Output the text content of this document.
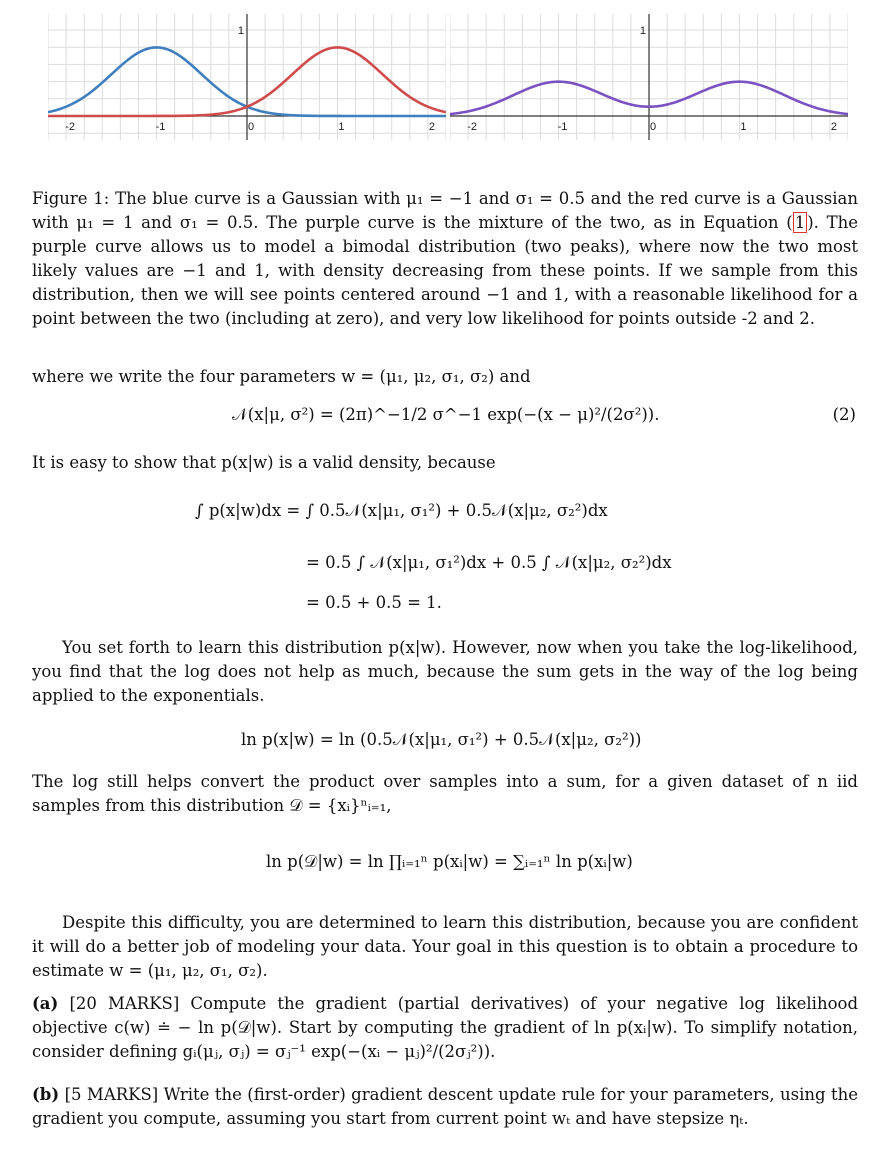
-2	-1	0	1	2
1
-2	-1	0	1	2
1
Figure 1: The blue curve is a Gaussian with μ₁ = −1 and σ₁ = 0.5 and the red curve is a Gaussian with μ₁ = 1 and σ₁ = 0.5. The purple curve is the mixture of the two, as in Equation ( 1 ). The purple curve allows us to model a bimodal distribution (two peaks), where now the two most likely values are −1 and 1, with density decreasing from these points. If we sample from this distribution, then we will see points centered around −1 and 1, with a reasonable likelihood for a point between the two (including at zero), and very low likelihood for points outside -2 and 2.
where we write the four parameters w = (μ₁, μ₂, σ₁, σ₂) and
𝒩(x|μ, σ²) = (2π)^−1/2 σ^−1 exp(−(x − μ)²/(2σ²)).	(2)
It is easy to show that p(x|w) is a valid density, because
∫ p(x|w)dx = ∫ 0.5𝒩(x|μ₁, σ₁²) + 0.5𝒩(x|μ₂, σ₂²)dx
= 0.5 ∫ 𝒩(x|μ₁, σ₁²)dx + 0.5 ∫ 𝒩(x|μ₂, σ₂²)dx
= 0.5 + 0.5 = 1.
You set forth to learn this distribution p(x|w). However, now when you take the log-likelihood, you find that the log does not help as much, because the sum gets in the way of the log being applied to the exponentials.
ln p(x|w) = ln (0.5𝒩(x|μ₁, σ₁²) + 0.5𝒩(x|μ₂, σ₂²))
The log still helps convert the product over samples into a sum, for a given dataset of n iid samples from this distribution 𝒟 = {xᵢ}ⁿᵢ₌₁,
ln p(𝒟|w) = ln ∏ᵢ₌₁ⁿ p(xᵢ|w) = ∑ᵢ₌₁ⁿ ln p(xᵢ|w)
Despite this difficulty, you are determined to learn this distribution, because you are confident it will do a better job of modeling your data. Your goal in this question is to obtain a procedure to estimate w = (μ₁, μ₂, σ₁, σ₂).
(a) [20 MARKS] Compute the gradient (partial derivatives) of your negative log likelihood objective c(w) ≐ − ln p(𝒟|w). Start by computing the gradient of ln p(xᵢ|w). To simplify notation, consider defining gᵢ(μⱼ, σⱼ) = σⱼ⁻¹ exp(−(xᵢ − μⱼ)²/(2σⱼ²)).
(b) [5 MARKS] Write the (first-order) gradient descent update rule for your parameters, using the gradient you compute, assuming you start from current point wₜ and have stepsize ηₜ.
